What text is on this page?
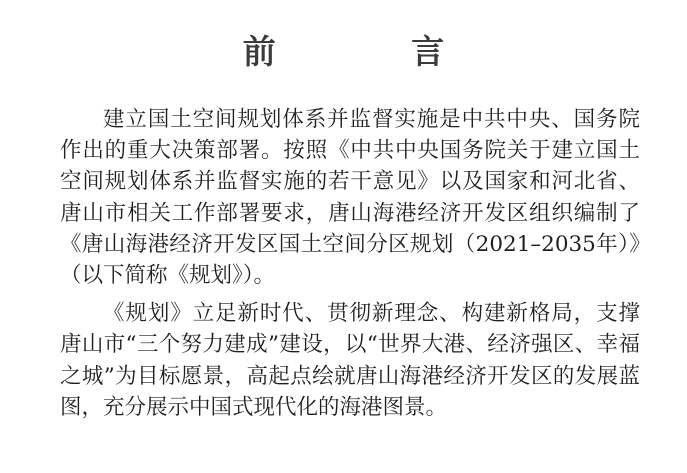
前 言

建立国土空间规划体系并监督实施是中共中央、国务院作出的重大决策部署。按照《中共中央国务院关于建立国土空间规划体系并监督实施的若干意见》以及国家和河北省、唐山市相关工作部署要求，唐山海港经济开发区组织编制了《唐山海港经济开发区国土空间分区规划（2021–2035年）》（以下简称《规划》）。

《规划》立足新时代、贯彻新理念、构建新格局，支撑唐山市“三个努力建成”建设，以“世界大港、经济强区、幸福之城”为目标愿景，高起点绘就唐山海港经济开发区的发展蓝图，充分展示中国式现代化的海港图景。
